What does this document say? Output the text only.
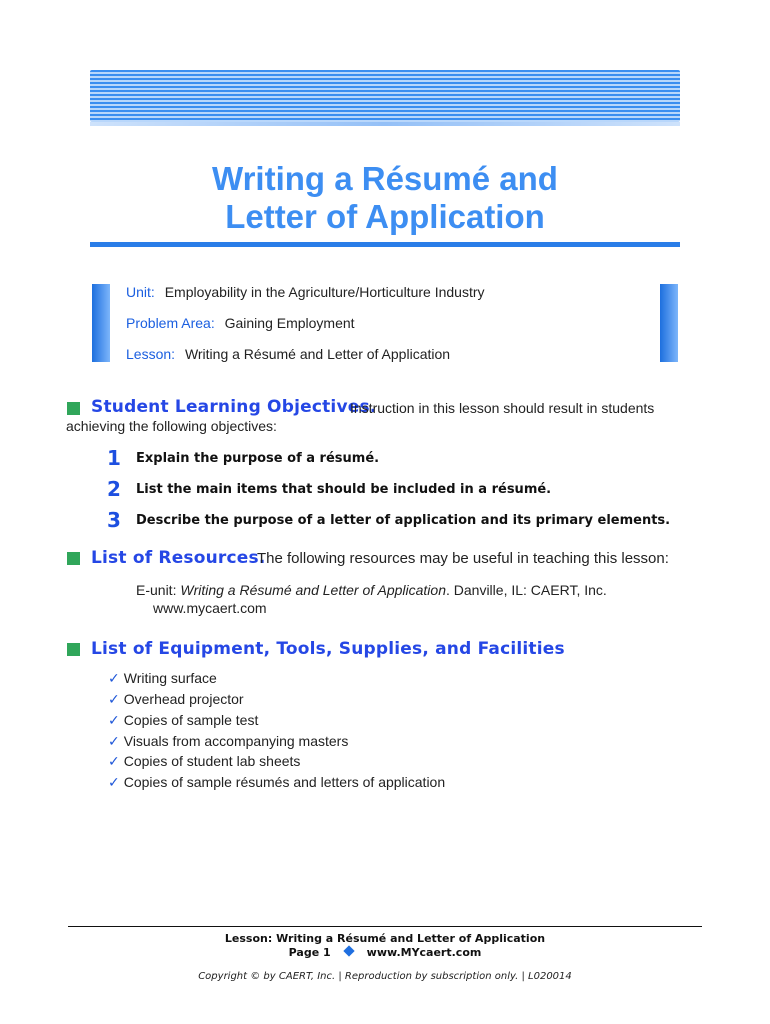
Writing a Résumé and
Letter of Application
Unit: Employability in the Agriculture/Horticulture Industry
Problem Area: Gaining Employment
Lesson: Writing a Résumé and Letter of Application
Student Learning Objectives.
Instruction in this lesson should result in students
achieving the following objectives:
1	Explain the purpose of a résumé.
2	List the main items that should be included in a résumé.
3	Describe the purpose of a letter of application and its primary elements.
List of Resources.
The following resources may be useful in teaching this lesson:
E-unit: Writing a Résumé and Letter of Application. Danville, IL: CAERT, Inc.
www.mycaert.com
List of Equipment, Tools, Supplies, and Facilities
✓ Writing surface
✓ Overhead projector
✓ Copies of sample test
✓ Visuals from accompanying masters
✓ Copies of student lab sheets
✓ Copies of sample résumés and letters of application
Lesson: Writing a Résumé and Letter of Application
Page 1	www.MYcaert.com
Copyright © by CAERT, Inc. | Reproduction by subscription only. | L020014
